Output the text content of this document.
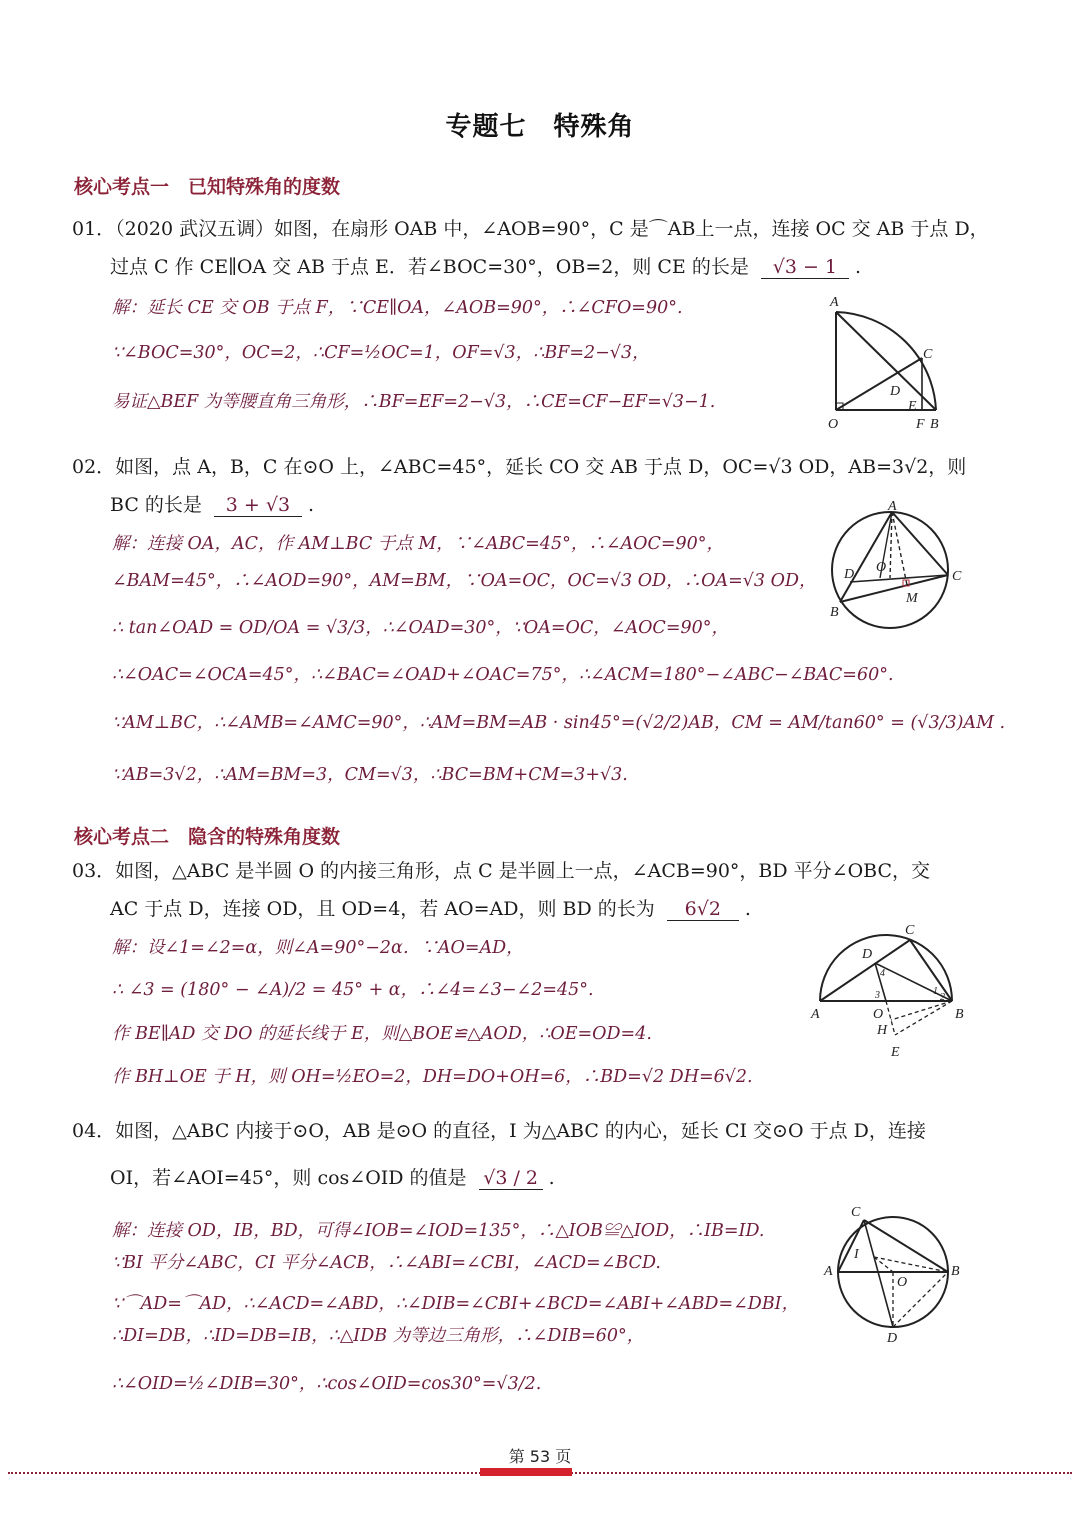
专题七　特殊角
核心考点一　已知特殊角的度数
01．（2020 武汉五调）如图，在扇形 OAB 中，∠AOB=90°，C 是⌒AB上一点，连接 OC 交 AB 于点 D，
过点 C 作 CE∥OA 交 AB 于点 E．若∠BOC=30°，OB=2，则 CE 的长是 √3 − 1 .
解：延长 CE 交 OB 于点 F，∵CE∥OA，∠AOB=90°，∴∠CFO=90°.
∵∠BOC=30°，OC=2，∴CF=½OC=1，OF=√3，∴BF=2−√3，
易证△BEF 为等腰直角三角形，∴BF=EF=2−√3，∴CE=CF−EF=√3−1.
A
C
D
E
O	F B
02．如图，点 A，B，C 在⊙O 上，∠ABC=45°，延长 CO 交 AB 于点 D，OC=√3 OD，AB=3√2，则
BC 的长是 3 + √3 .
解：连接 OA，AC，作 AM⊥BC 于点 M，∵∠ABC=45°，∴∠AOC=90°，
∠BAM=45°，∴∠AOD=90°，AM=BM，∵OA=OC，OC=√3 OD，∴OA=√3 OD，
∴ tan∠OAD = OD/OA = √3/3，∴∠OAD=30°，∵OA=OC，∠AOC=90°，
∴∠OAC=∠OCA=45°，∴∠BAC=∠OAD+∠OAC=75°，∴∠ACM=180°−∠ABC−∠BAC=60°.
∵AM⊥BC，∴∠AMB=∠AMC=90°，∴AM=BM=AB · sin45°=(√2/2)AB，CM = AM/tan60° = (√3/3)AM .
∵AB=3√2，∴AM=BM=3，CM=√3，∴BC=BM+CM=3+√3.
A
D O
C
M
B
核心考点二　隐含的特殊角度数
03．如图，△ABC 是半圆 O 的内接三角形，点 C 是半圆上一点，∠ACB=90°，BD 平分∠OBC，交
AC 于点 D，连接 OD，且 OD=4，若 AO=AD，则 BD 的长为 6√2 .
解：设∠1=∠2=α，则∠A=90°−2α．∵AO=AD，
∴ ∠3 = (180° − ∠A)/2 = 45° + α，∴∠4=∠3−∠2=45°.
作 BE∥AD 交 DO 的延长线于 E，则△BOE≌△AOD，∴OE=OD=4.
作 BH⊥OE 于 H，则 OH=½EO=2，DH=DO+OH=6，∴BD=√2 DH=6√2.
C
D
4
3	1
2
A	O	B
H
E
04．如图，△ABC 内接于⊙O，AB 是⊙O 的直径，I 为△ABC 的内心，延长 CI 交⊙O 于点 D，连接
OI，若∠AOI=45°，则 cos∠OID 的值是 √3 / 2 .
解：连接 OD，IB，BD，可得∠IOB=∠IOD=135°，∴△IOB≌△IOD，∴IB=ID.
∵BI 平分∠ABC，CI 平分∠ACB，∴∠ABI=∠CBI，∠ACD=∠BCD.
∵⌒AD=⌒AD，∴∠ACD=∠ABD，∴∠DIB=∠CBI+∠BCD=∠ABI+∠ABD=∠DBI，
∴DI=DB，∴ID=DB=IB，∴△IDB 为等边三角形，∴∠DIB=60°，
∴∠OID=½∠DIB=30°，∴cos∠OID=cos30°=√3/2.
C
I
A
O
B
D
第 53 页
